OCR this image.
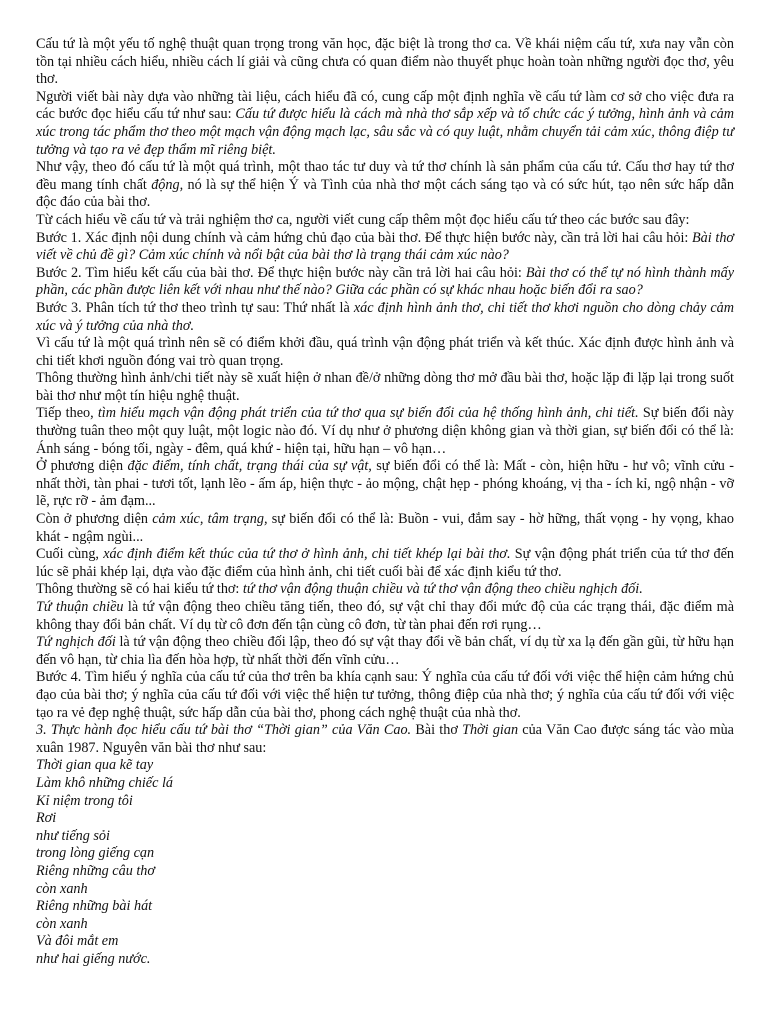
Cấu tứ là một yếu tố nghệ thuật quan trọng trong văn học, đặc biệt là trong thơ ca. Về khái niệm cấu tứ, xưa nay vẫn còn tồn tại nhiều cách hiểu, nhiều cách lí giải và cũng chưa có quan điểm nào thuyết phục hoàn toàn những người đọc thơ, yêu thơ.

Người viết bài này dựa vào những tài liệu, cách hiểu đã có, cung cấp một định nghĩa về cấu tứ làm cơ sở cho việc đưa ra các bước đọc hiểu cấu tứ như sau: Cấu tứ được hiểu là cách mà nhà thơ sắp xếp và tổ chức các ý tưởng, hình ảnh và cảm xúc trong tác phẩm thơ theo một mạch vận động mạch lạc, sâu sắc và có quy luật, nhằm chuyển tải cảm xúc, thông điệp tư tưởng và tạo ra vẻ đẹp thẩm mĩ riêng biệt.

Như vậy, theo đó cấu tứ là một quá trình, một thao tác tư duy và tứ thơ chính là sản phẩm của cấu tứ. Cấu thơ hay tứ thơ đều mang tính chất động, nó là sự thể hiện Ý và Tình của nhà thơ một cách sáng tạo và có sức hút, tạo nên sức hấp dẫn độc đáo của bài thơ.

Từ cách hiểu về cấu tứ và trải nghiệm thơ ca, người viết cung cấp thêm một đọc hiểu cấu tứ theo các bước sau đây:

Bước 1. Xác định nội dung chính và cảm hứng chủ đạo của bài thơ. Để thực hiện bước này, cần trả lời hai câu hỏi: Bài thơ viết về chủ đề gì? Cảm xúc chính và nổi bật của bài thơ là trạng thái cảm xúc nào?

Bước 2. Tìm hiểu kết cấu của bài thơ. Để thực hiện bước này cần trả lời hai câu hỏi: Bài thơ có thể tự nó hình thành mấy phần, các phần được liên kết với nhau như thế nào? Giữa các phần có sự khác nhau hoặc biến đổi ra sao?

Bước 3. Phân tích tứ thơ theo trình tự sau: Thứ nhất là xác định hình ảnh thơ, chi tiết thơ khơi nguồn cho dòng chảy cảm xúc và ý tưởng của nhà thơ.

Vì cấu tứ là một quá trình nên sẽ có điểm khởi đầu, quá trình vận động phát triển và kết thúc. Xác định được hình ảnh và chi tiết khơi nguồn đóng vai trò quan trọng.

Thông thường hình ảnh/chi tiết này sẽ xuất hiện ở nhan đề/ở những dòng thơ mở đầu bài thơ, hoặc lặp đi lặp lại trong suốt bài thơ như một tín hiệu nghệ thuật.

Tiếp theo, tìm hiểu mạch vận động phát triển của tứ thơ qua sự biến đổi của hệ thống hình ảnh, chi tiết. Sự biến đổi này thường tuân theo một quy luật, một logic nào đó. Ví dụ như ở phương diện không gian và thời gian, sự biến đổi có thể là: Ánh sáng - bóng tối, ngày - đêm, quá khứ - hiện tại, hữu hạn – vô hạn…

Ở phương diện đặc điểm, tính chất, trạng thái của sự vật, sự biến đổi có thể là: Mất - còn, hiện hữu - hư vô; vĩnh cửu - nhất thời, tàn phai - tươi tốt, lạnh lẽo - ấm áp, hiện thực - ảo mộng, chật hẹp - phóng khoáng, vị tha - ích kỉ, ngộ nhận - vỡ lẽ, rực rỡ - ảm đạm...

Còn ở phương diện cảm xúc, tâm trạng, sự biến đổi có thể là: Buồn - vui, đắm say - hờ hững, thất vọng - hy vọng, khao khát - ngậm ngùi...

Cuối cùng, xác định điểm kết thúc của tứ thơ ở hình ảnh, chi tiết khép lại bài thơ. Sự vận động phát triển của tứ thơ đến lúc sẽ phải khép lại, dựa vào đặc điểm của hình ảnh, chi tiết cuối bài để xác định kiểu tứ thơ.

Thông thường sẽ có hai kiểu tứ thơ: tứ thơ vận động thuận chiều và tứ thơ vận động theo chiều nghịch đối.

Tứ thuận chiều là tứ vận động theo chiều tăng tiến, theo đó, sự vật chỉ thay đổi mức độ của các trạng thái, đặc điểm mà không thay đổi bản chất. Ví dụ từ cô đơn đến tận cùng cô đơn, từ tàn phai đến rơi rụng…

Tứ nghịch đối là tứ vận động theo chiều đối lập, theo đó sự vật thay đổi về bản chất, ví dụ từ xa lạ đến gần gũi, từ hữu hạn đến vô hạn, từ chia lìa đến hòa hợp, từ nhất thời đến vĩnh cửu…

Bước 4. Tìm hiểu ý nghĩa của cấu tứ của thơ trên ba khía cạnh sau: Ý nghĩa của cấu tứ đối với việc thể hiện cảm hứng chủ đạo của bài thơ; ý nghĩa của cấu tứ đối với việc thể hiện tư tưởng, thông điệp của nhà thơ; ý nghĩa của cấu tứ đối với việc tạo ra vẻ đẹp nghệ thuật, sức hấp dẫn của bài thơ, phong cách nghệ thuật của nhà thơ.

3. Thực hành đọc hiểu cấu tứ bài thơ “Thời gian” của Văn Cao. Bài thơ Thời gian của Văn Cao được sáng tác vào mùa xuân 1987. Nguyên văn bài thơ như sau:

Thời gian qua kẽ tay

Làm khô những chiếc lá

Kỉ niệm trong tôi

Rơi

như tiếng sỏi

trong lòng giếng cạn

Riêng những câu thơ

còn xanh

Riêng những bài hát

còn xanh

Và đôi mắt em

như hai giếng nước.
